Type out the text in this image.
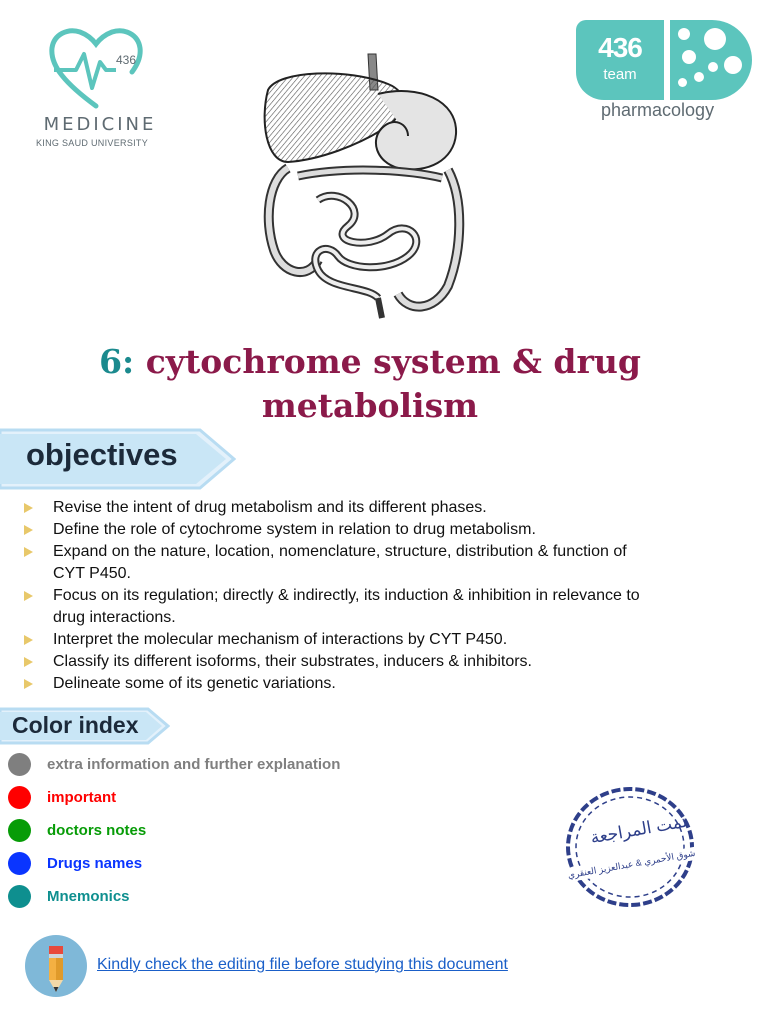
436
MEDICINE
KING SAUD UNIVERSITY
436
team
pharmacology
6: cytochrome system & drug metabolism
objectives
Revise the intent of drug metabolism and its different phases.
Define the role of cytochrome system in relation to drug metabolism.
Expand on the nature, location, nomenclature, structure, distribution & function of CYT P450.
Focus on its regulation; directly & indirectly, its induction & inhibition in relevance to drug interactions.
Interpret the molecular mechanism of interactions by CYT P450.
Classify its different isoforms, their substrates, inducers & inhibitors.
Delineate some of its genetic variations.
Color index
extra information and further explanation
important
doctors notes
Drugs names
Mnemonics
تمت المراجعة
شوق الأحمري & عبدالعزيز العنقري
Kindly check the editing file before studying this document
